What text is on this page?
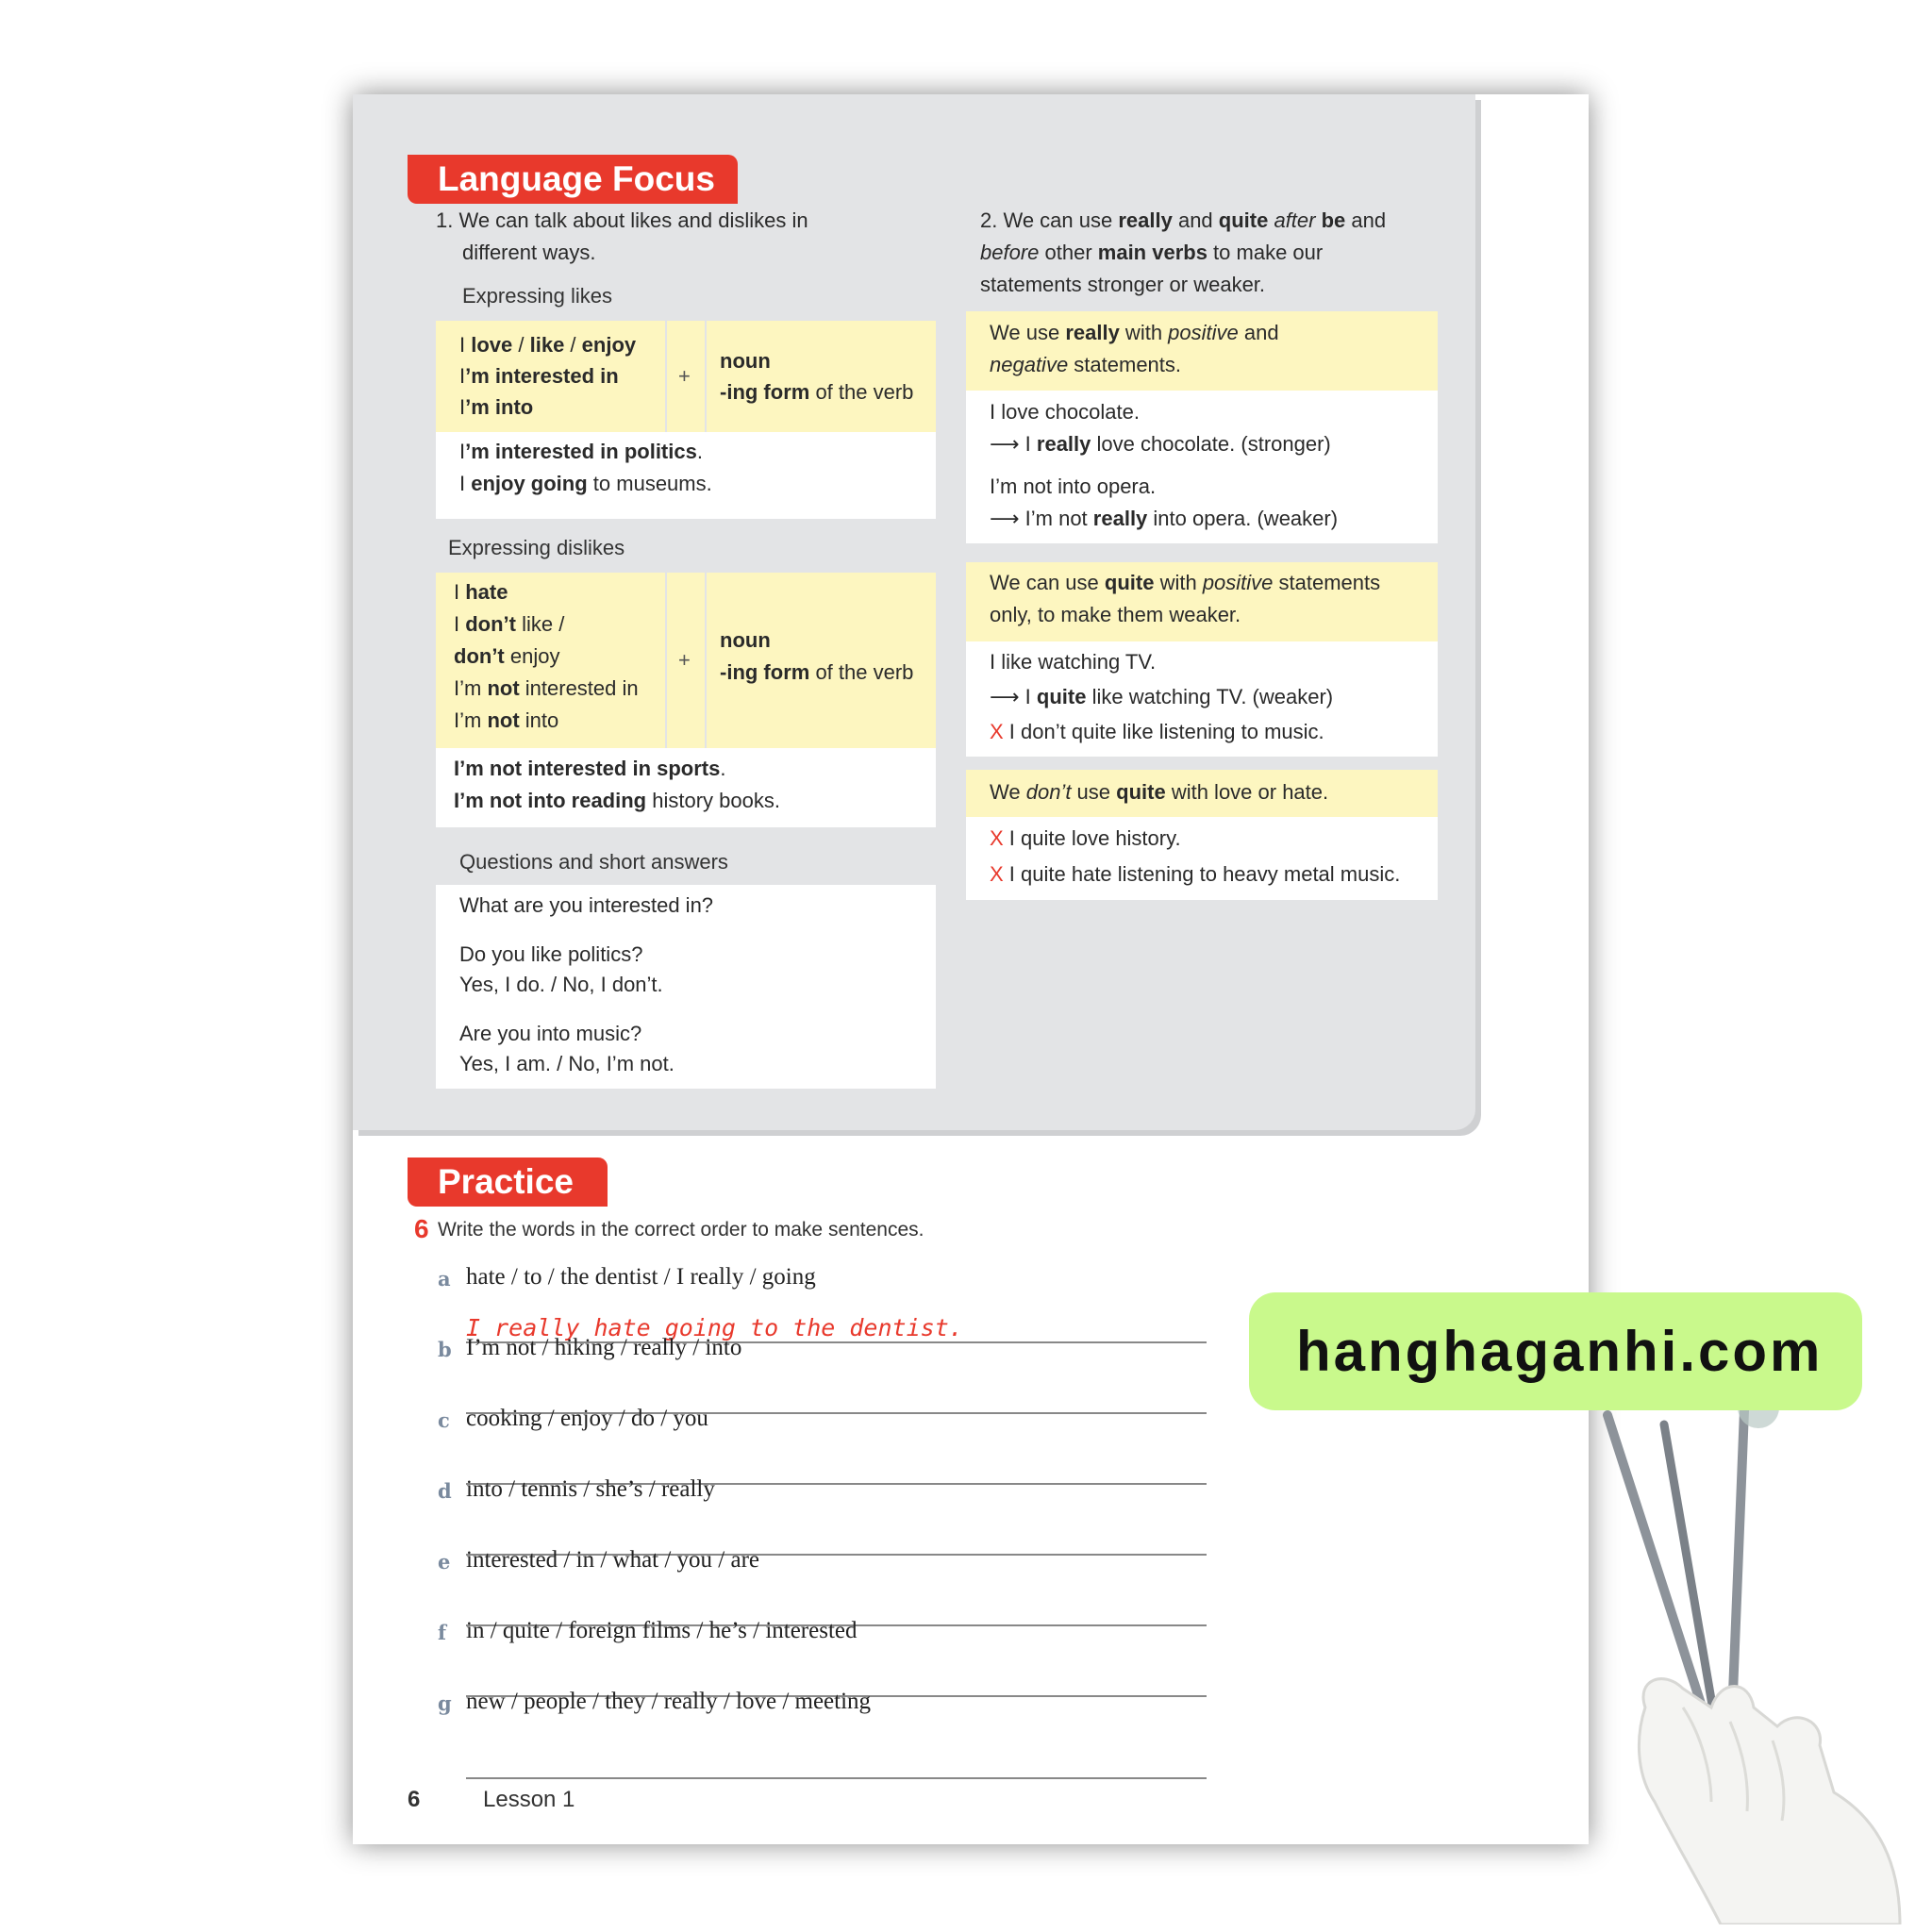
Language Focus
1. We can talk about likes and dislikes in
different ways.
Expressing likes
I love / like / enjoy
I’m interested in
I’m into
+
noun
-ing form of the verb
I’m interested in politics.
I enjoy going to museums.
Expressing dislikes
I hate
I don’t like /
don’t enjoy
I’m not interested in
I’m not into
+
noun
-ing form of the verb
I’m not interested in sports.
I’m not into reading history books.
Questions and short answers
What are you interested in?
Do you like politics?
Yes, I do. / No, I don’t.
Are you into music?
Yes, I am. / No, I’m not.
2. We can use really and quite after be and
before other main verbs to make our
statements stronger or weaker.
We use really with positive and
negative statements.
I love chocolate.
⟶ I really love chocolate. (stronger)
I’m not into opera.
⟶ I’m not really into opera. (weaker)
We can use quite with positive statements
only, to make them weaker.
I like watching TV.
⟶ I quite like watching TV. (weaker)
X I don’t quite like listening to music.
We don’t use quite with love or hate.
X I quite love history.
X I quite hate listening to heavy metal music.
Practice
6 Write the words in the correct order to make sentences.
a hate / to / the dentist / I really / going
I really hate going to the dentist.
b I’m not / hiking / really / into
c cooking / enjoy / do / you
d into / tennis / she’s / really
e interested / in / what / you / are
f in / quite / foreign films / he’s / interested
g new / people / they / really / love / meeting
6	Lesson 1
hanghaganhi.com
